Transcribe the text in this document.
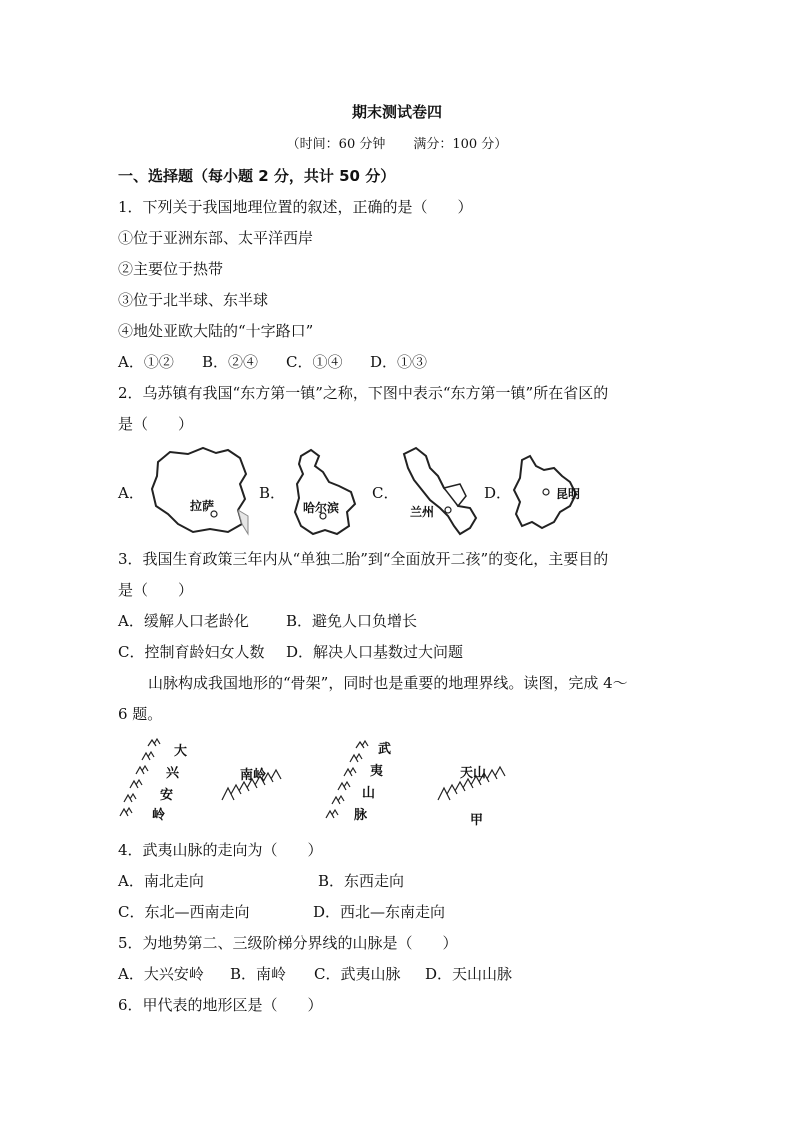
期末测试卷四
（时间：60 分钟 满分：100 分）
一、选择题（每小题 2 分，共计 50 分）
1．下列关于我国地理位置的叙述，正确的是（　　）
①位于亚洲东部、太平洋西岸
②主要位于热带
③位于北半球、东半球
④地处亚欧大陆的“十字路口”
A．①② B．②④ C．①④ D．①③
2．乌苏镇有我国“东方第一镇”之称，下图中表示“东方第一镇”所在省区的
是（　　）
A．
拉萨
B．
哈尔滨
C．
兰州
D．	昆明
3．我国生育政策三年内从“单独二胎”到“全面放开二孩”的变化，主要目的
是（　　）
A．缓解人口老龄化 B．避免人口负增长
C．控制育龄妇女人数 D．解决人口基数过大问题
山脉构成我国地形的“骨架”，同时也是重要的地理界线。读图，完成 4～
6 题。
大
兴
安
岭
南岭
武
夷
山
脉
天山
甲
4．武夷山脉的走向为（　　）
A．南北走向	B．东西走向
C．东北—西南走向	D．西北—东南走向
5．为地势第二、三级阶梯分界线的山脉是（　　）
A．大兴安岭 B．南岭 C．武夷山脉 D．天山山脉
6．甲代表的地形区是（　　）
